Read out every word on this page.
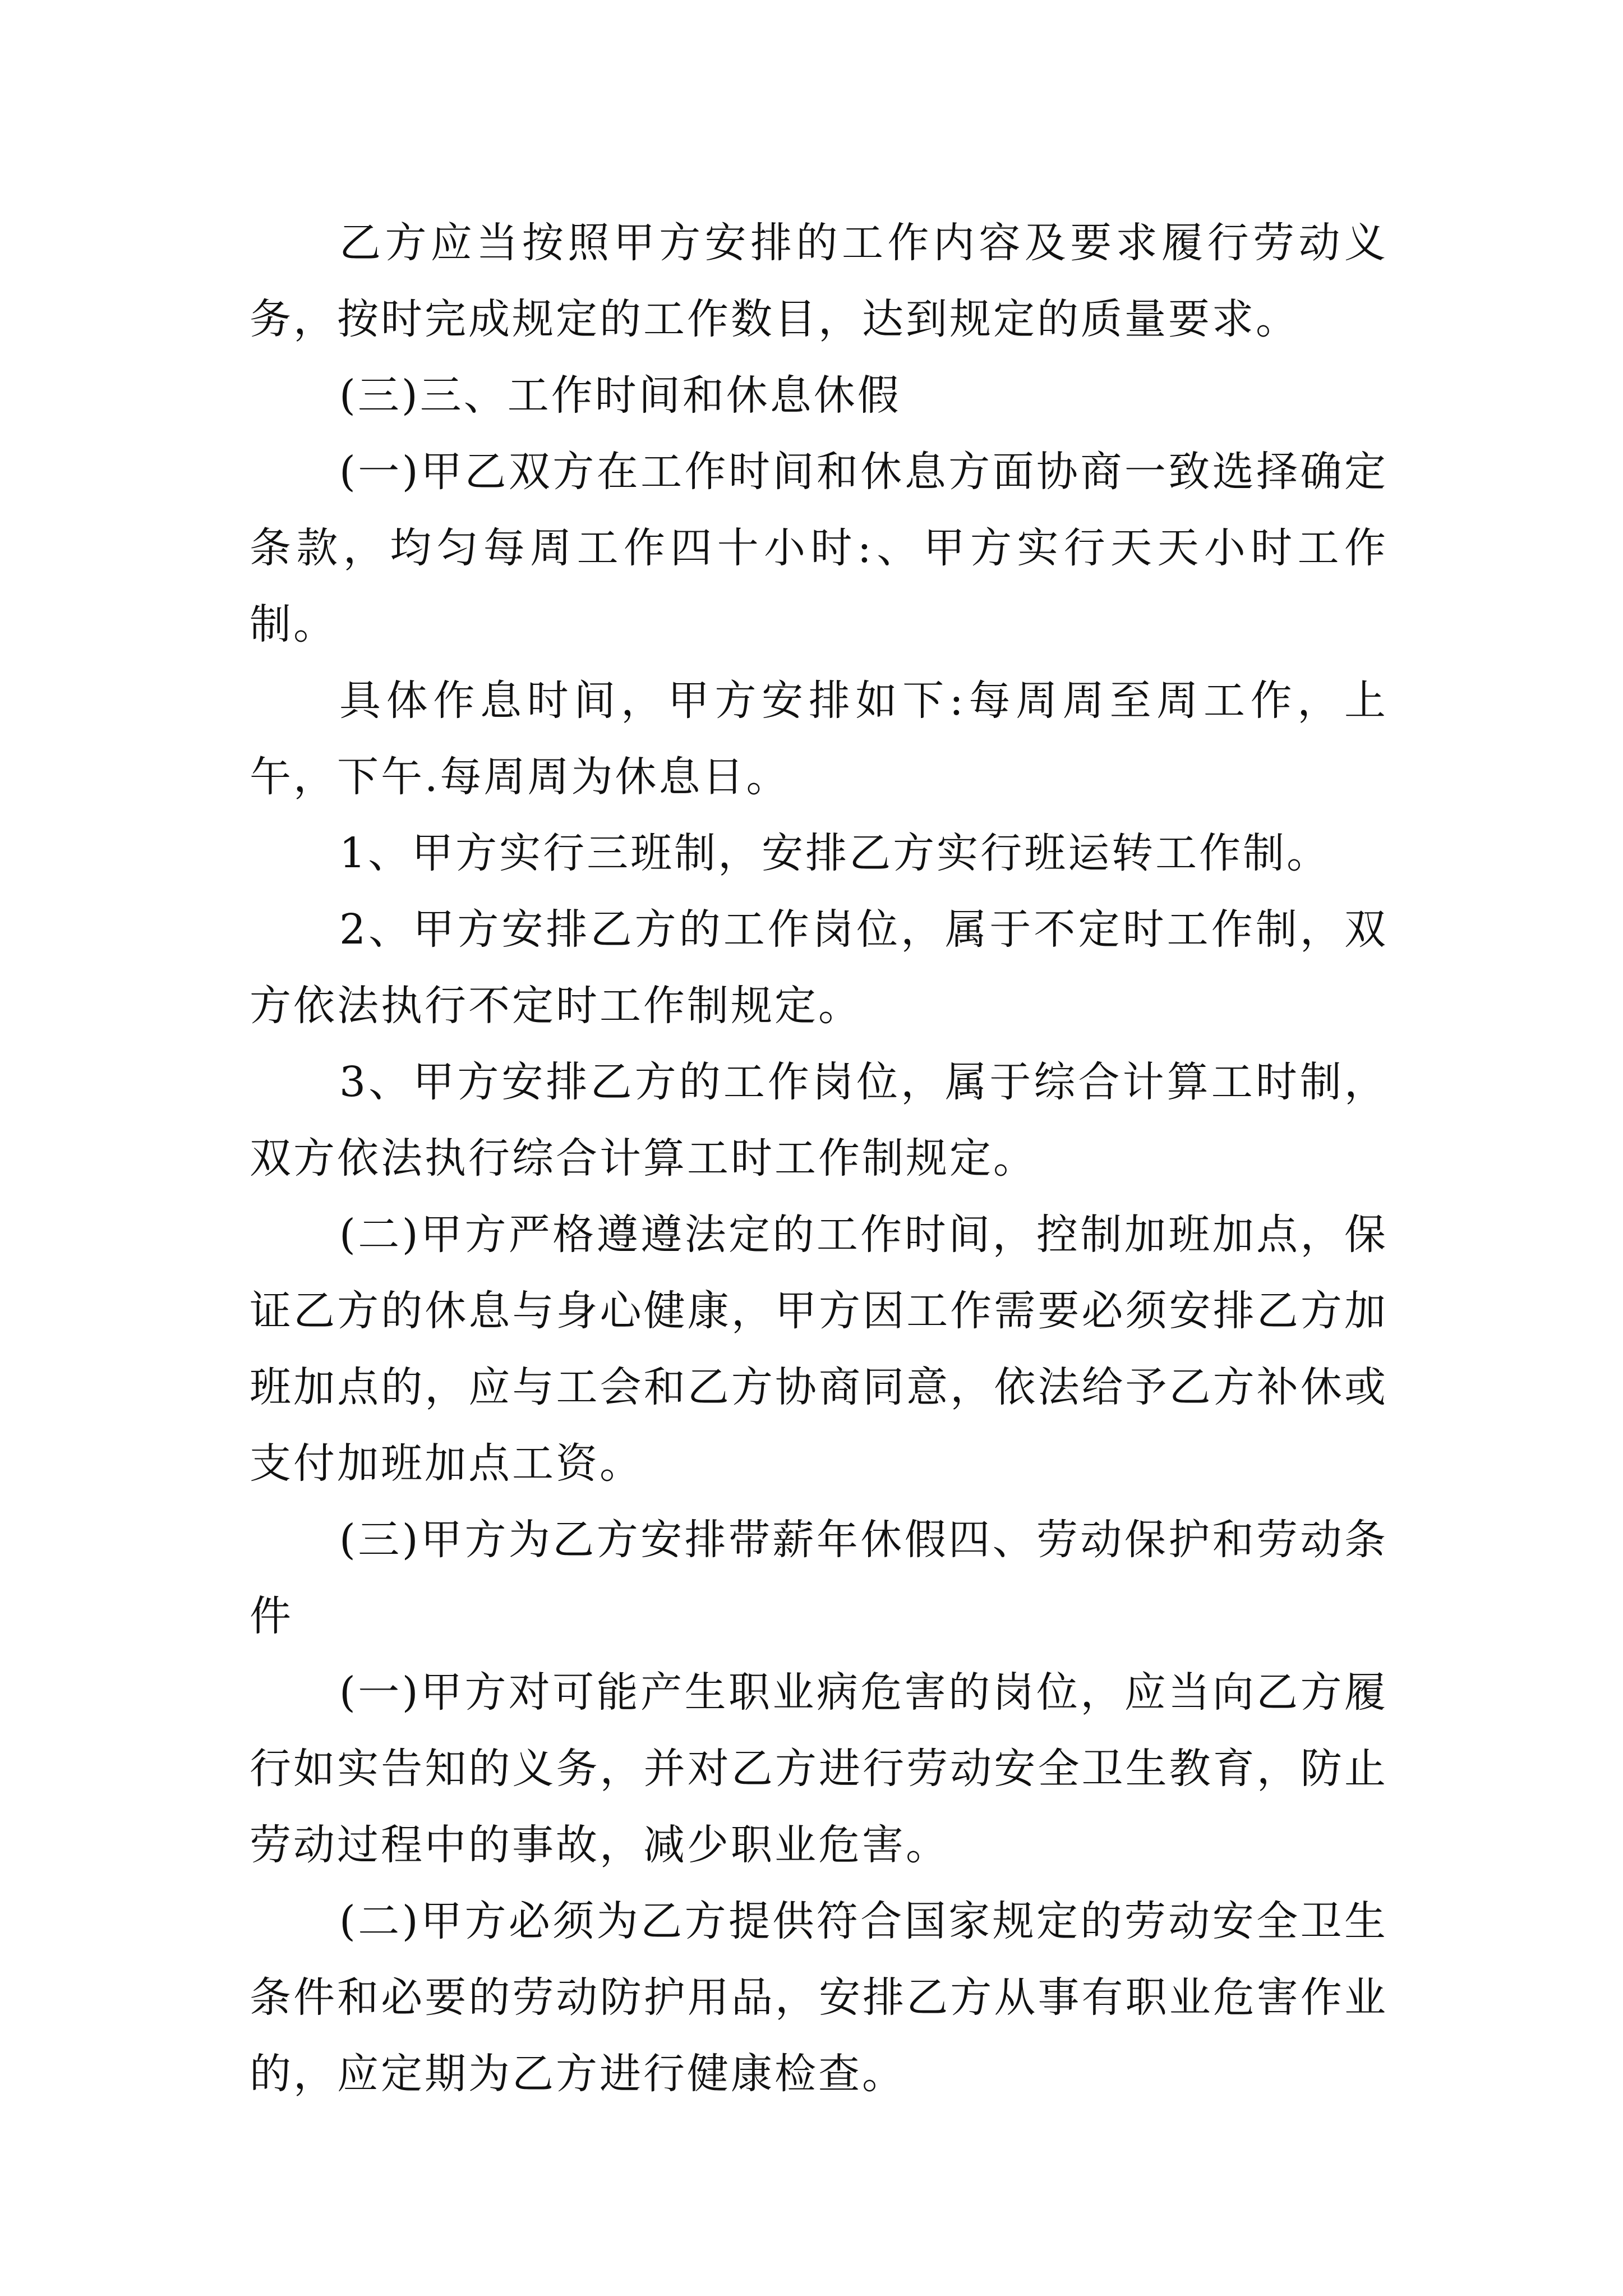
乙方应当按照甲方安排的工作内容及要求履行劳动义务，按时完成规定的工作数目，达到规定的质量要求。

(三)三、工作时间和休息休假

(一)甲乙双方在工作时间和休息方面协商一致选择确定条款，均匀每周工作四十小时:、甲方实行天天小时工作制。

具体作息时间，甲方安排如下:每周周至周工作，上午，下午.每周周为休息日。

1、甲方实行三班制，安排乙方实行班运转工作制。

2、甲方安排乙方的工作岗位，属于不定时工作制，双方依法执行不定时工作制规定。

3、甲方安排乙方的工作岗位，属于综合计算工时制，双方依法执行综合计算工时工作制规定。

(二)甲方严格遵遵法定的工作时间，控制加班加点，保证乙方的休息与身心健康，甲方因工作需要必须安排乙方加班加点的，应与工会和乙方协商同意，依法给予乙方补休或支付加班加点工资。

(三)甲方为乙方安排带薪年休假四、劳动保护和劳动条件

(一)甲方对可能产生职业病危害的岗位，应当向乙方履行如实告知的义务，并对乙方进行劳动安全卫生教育，防止劳动过程中的事故，减少职业危害。

(二)甲方必须为乙方提供符合国家规定的劳动安全卫生条件和必要的劳动防护用品，安排乙方从事有职业危害作业的，应定期为乙方进行健康检查。
